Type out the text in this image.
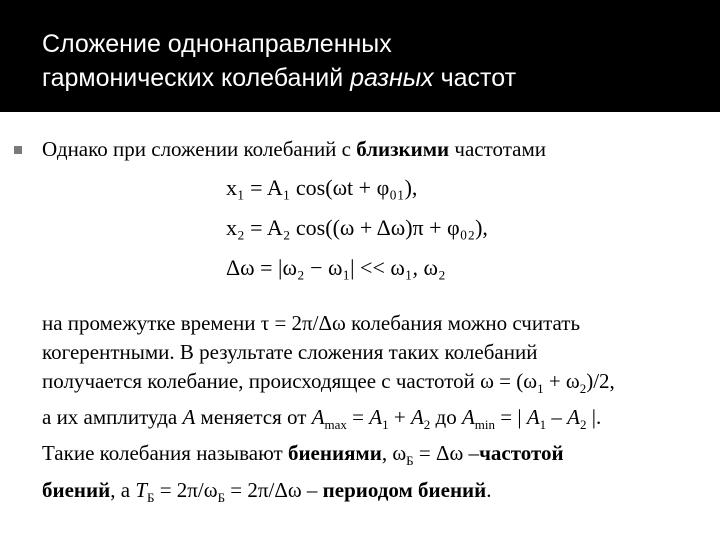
Сложение однонаправленных
гармонических колебаний разных частот
Однако при сложении колебаний с близкими частотами
x₁ = A₁ cos(ωt + φ₀₁),
x₂ = A₂ cos((ω + Δω)π + φ₀₂),
Δω = |ω₂ − ω₁| << ω₁, ω₂
на промежутке времени τ = 2π/Δω колебания можно считать
когерентными. В результате сложения таких колебаний
получается колебание, происходящее с частотой $\omega = (\omega_1 + \omega_2)/2$,
а их амплитуда A меняется от $A_{max} = A_1 + A_2$ до $A_{min}$ = | $A_1 - A_2$ |.
Такие колебания называют биениями, $\omega_Б = \Delta\omega$ –частотой
биений, а $T_Б = 2\pi/\omega_Б = 2\pi/\Delta\omega$ – периодом биений.
